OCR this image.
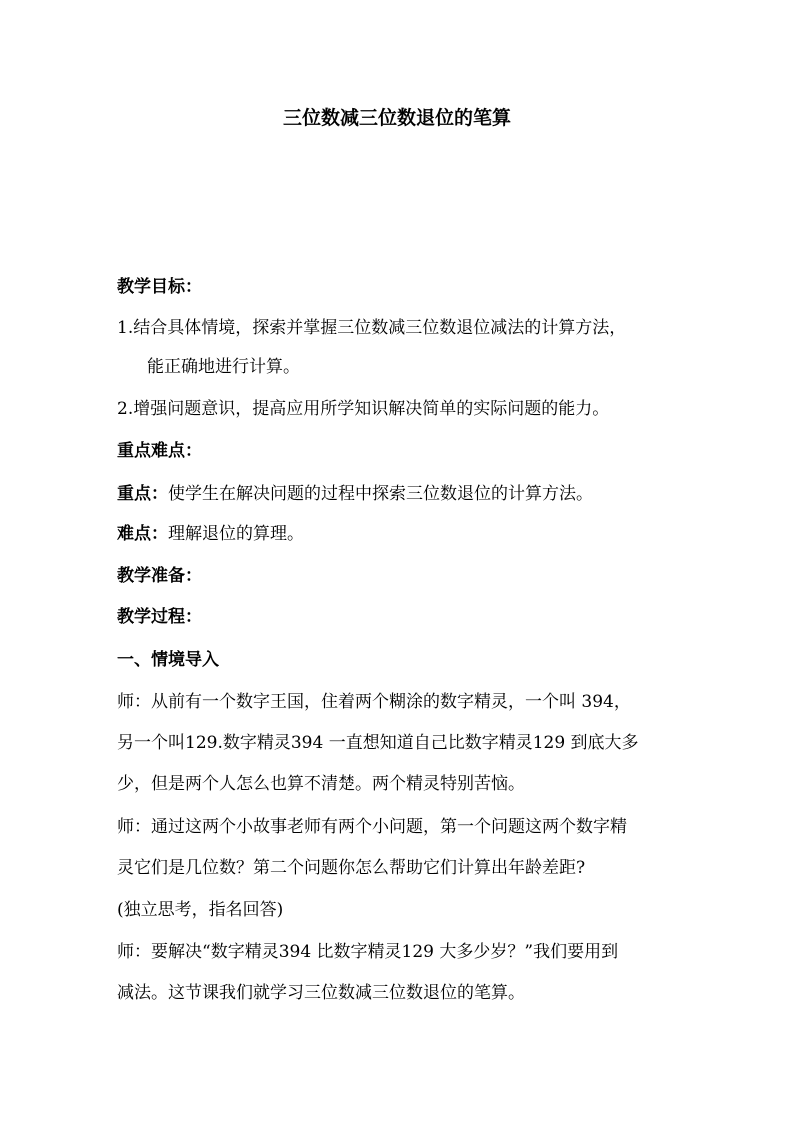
三位数减三位数退位的笔算
教学目标：
1.结合具体情境，探索并掌握三位数减三位数退位减法的计算方法，
能正确地进行计算。
2.增强问题意识，提高应用所学知识解决简单的实际问题的能力。
重点难点：
重点：使学生在解决问题的过程中探索三位数退位的计算方法。
难点：理解退位的算理。
教学准备：
教学过程：
一、情境导入
师：从前有一个数字王国，住着两个糊涂的数字精灵，一个叫 394，
另一个叫129.数字精灵394 一直想知道自己比数字精灵129 到底大多
少，但是两个人怎么也算不清楚。两个精灵特别苦恼。
师：通过这两个小故事老师有两个小问题，第一个问题这两个数字精
灵它们是几位数？第二个问题你怎么帮助它们计算出年龄差距?
(独立思考，指名回答)
师：要解决“数字精灵394 比数字精灵129 大多少岁？”我们要用到
减法。这节课我们就学习三位数减三位数退位的笔算。
